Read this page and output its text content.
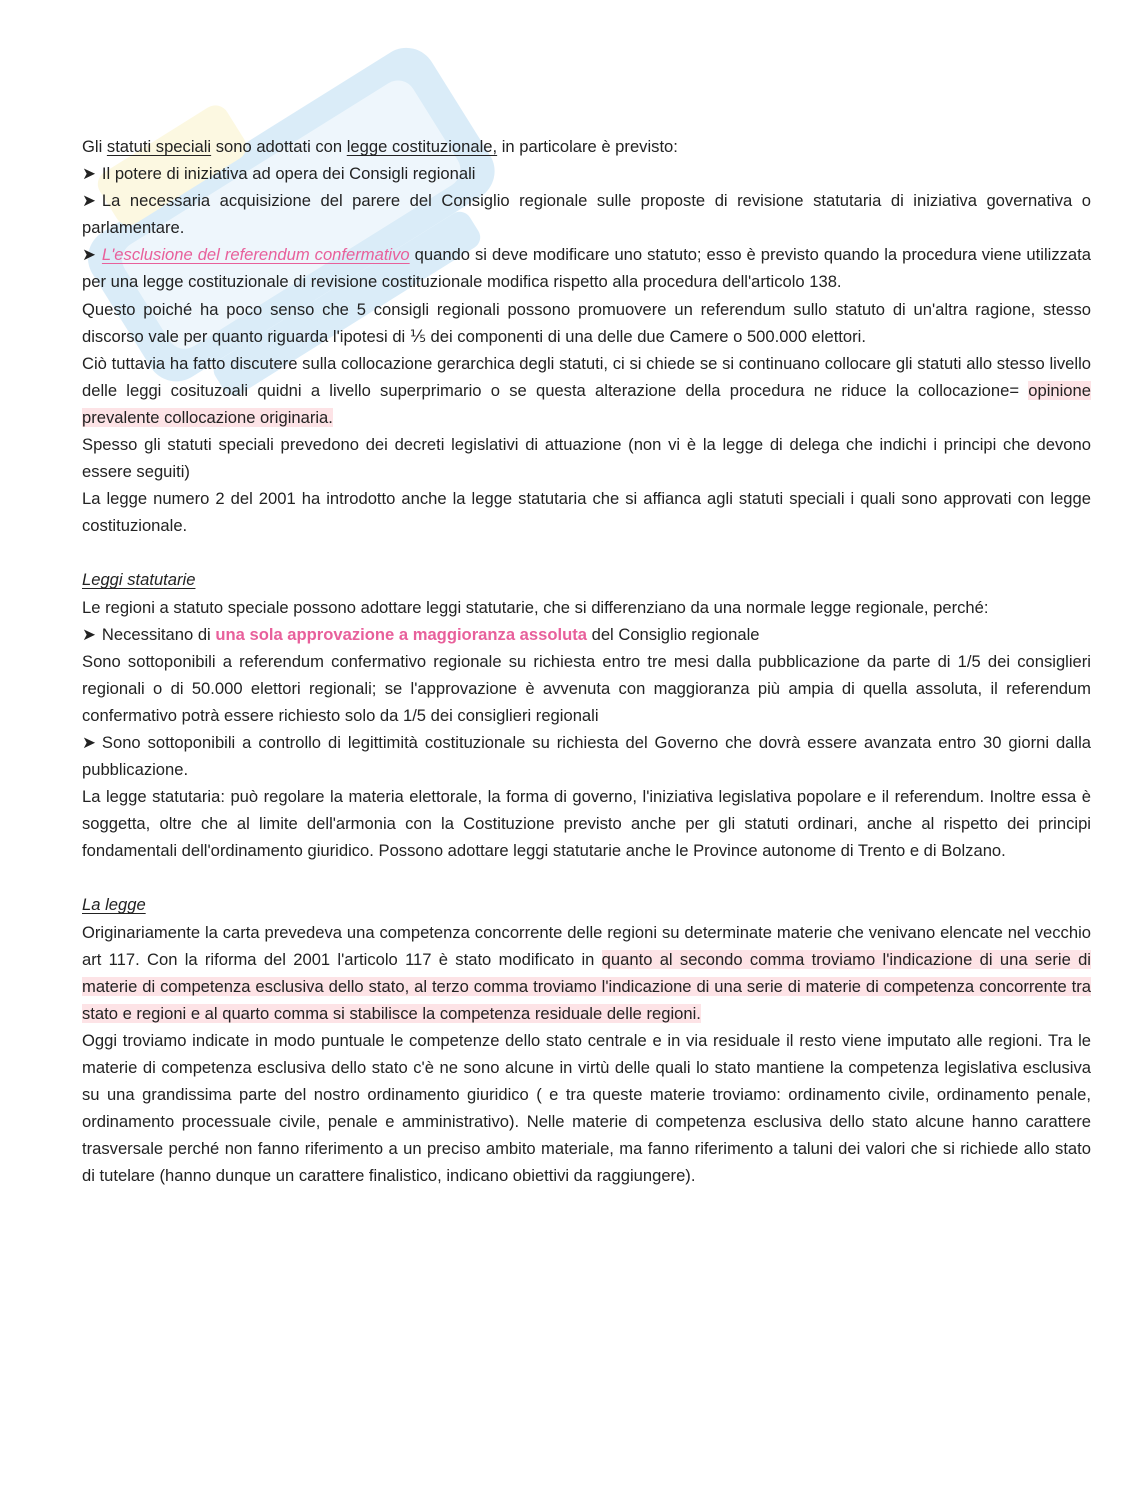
Gli statuti speciali sono adottati con legge costituzionale, in particolare è previsto:

➤ Il potere di iniziativa ad opera dei Consigli regionali

➤ La necessaria acquisizione del parere del Consiglio regionale sulle proposte di revisione statutaria di iniziativa governativa o parlamentare.

➤ L'esclusione del referendum confermativo quando si deve modificare uno statuto; esso è previsto quando la procedura viene utilizzata per una legge costituzionale di revisione costituzionale modifica rispetto alla procedura dell'articolo 138.

Questo poiché ha poco senso che 5 consigli regionali possono promuovere un referendum sullo statuto di un'altra ragione, stesso discorso vale per quanto riguarda l'ipotesi di ⅕ dei componenti di una delle due Camere o 500.000 elettori.

Ciò tuttavia ha fatto discutere sulla collocazione gerarchica degli statuti, ci si chiede se si continuano collocare gli statuti allo stesso livello delle leggi cosituzoali quidni a livello superprimario o se questa alterazione della procedura ne riduce la collocazione= opinione prevalente collocazione originaria.

Spesso gli statuti speciali prevedono dei decreti legislativi di attuazione (non vi è la legge di delega che indichi i principi che devono essere seguiti)

La legge numero 2 del 2001 ha introdotto anche la legge statutaria che si affianca agli statuti speciali i quali sono approvati con legge costituzionale.

Leggi statutarie

Le regioni a statuto speciale possono adottare leggi statutarie, che si differenziano da una normale legge regionale, perché:

➤ Necessitano di una sola approvazione a maggioranza assoluta del Consiglio regionale

Sono sottoponibili a referendum confermativo regionale su richiesta entro tre mesi dalla pubblicazione da parte di 1/5 dei consiglieri regionali o di 50.000 elettori regionali; se l'approvazione è avvenuta con maggioranza più ampia di quella assoluta, il referendum confermativo potrà essere richiesto solo da 1/5 dei consiglieri regionali

➤ Sono sottoponibili a controllo di legittimità costituzionale su richiesta del Governo che dovrà essere avanzata entro 30 giorni dalla pubblicazione.

La legge statutaria: può regolare la materia elettorale, la forma di governo, l'iniziativa legislativa popolare e il referendum. Inoltre essa è soggetta, oltre che al limite dell'armonia con la Costituzione previsto anche per gli statuti ordinari, anche al rispetto dei principi fondamentali dell'ordinamento giuridico. Possono adottare leggi statutarie anche le Province autonome di Trento e di Bolzano.

La legge

Originariamente la carta prevedeva una competenza concorrente delle regioni su determinate materie che venivano elencate nel vecchio art 117. Con la riforma del 2001 l'articolo 117 è stato modificato in quanto al secondo comma troviamo l'indicazione di una serie di materie di competenza esclusiva dello stato, al terzo comma troviamo l'indicazione di una serie di materie di competenza concorrente tra stato e regioni e al quarto comma si stabilisce la competenza residuale delle regioni.

Oggi troviamo indicate in modo puntuale le competenze dello stato centrale e in via residuale il resto viene imputato alle regioni. Tra le materie di competenza esclusiva dello stato c'è ne sono alcune in virtù delle quali lo stato mantiene la competenza legislativa esclusiva su una grandissima parte del nostro ordinamento giuridico ( e tra queste materie troviamo: ordinamento civile, ordinamento penale, ordinamento processuale civile, penale e amministrativo). Nelle materie di competenza esclusiva dello stato alcune hanno carattere trasversale perché non fanno riferimento a un preciso ambito materiale, ma fanno riferimento a taluni dei valori che si richiede allo stato di tutelare (hanno dunque un carattere finalistico, indicano obiettivi da raggiungere).
